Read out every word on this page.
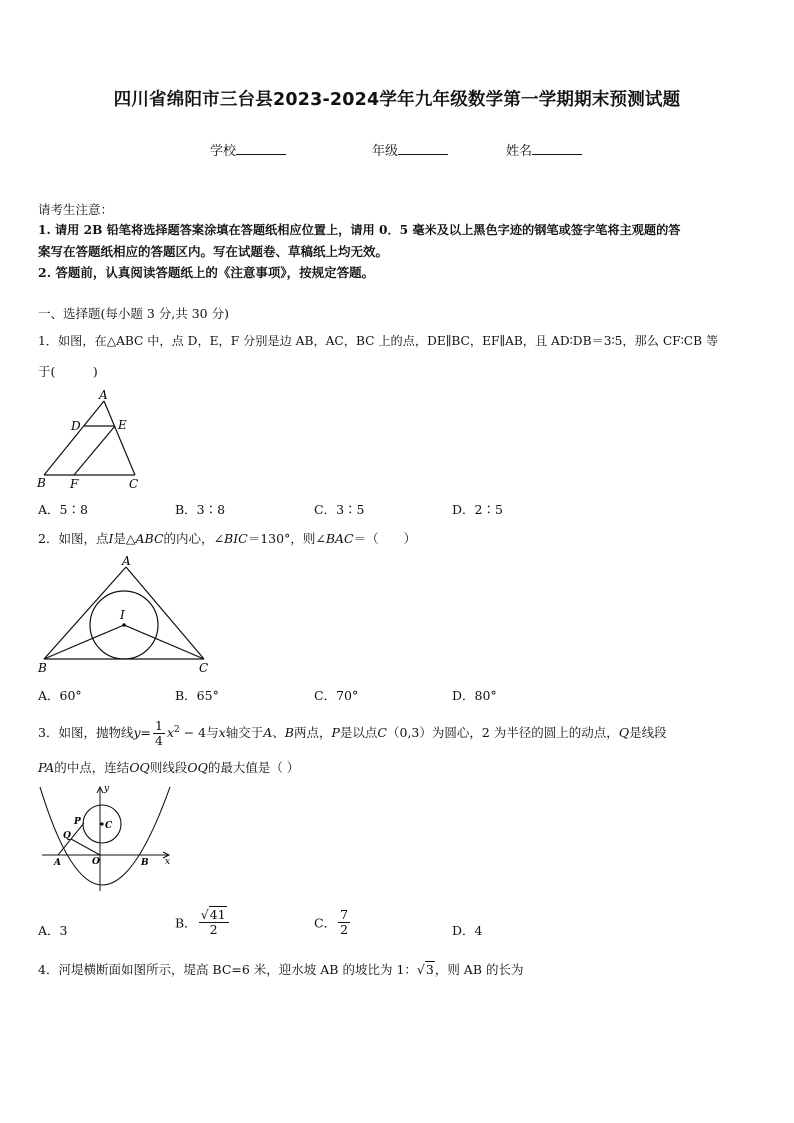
四川省绵阳市三台县2023-2024学年九年级数学第一学期期末预测试题
学校	年级	姓名
请考生注意：
1. 请用 2B 铅笔将选择题答案涂填在答题纸相应位置上，请用 0．5 毫米及以上黑色字迹的钢笔或签字笔将主观题的答
案写在答题纸相应的答题区内。写在试题卷、草稿纸上均无效。
2. 答题前，认真阅读答题纸上的《注意事项》，按规定答题。
一、选择题(每小题 3 分,共 30 分)
1．如图，在△ABC 中，点 D，E，F 分别是边 AB，AC，BC 上的点，DE∥BC，EF∥AB，且 AD∶DB＝3∶5，那么 CF∶CB 等
于(　　　)
A
D	E
B F	C
A．5∶8	B．3∶8	C．3∶5	D．2∶5
2．如图，点I是△ABC的内心，∠BIC＝130°，则∠BAC＝（　　）
A
I
B	C
A．60°	B．65°	C．70°	D．80°
3．如图，抛物线$y= \frac{1}{4} x^2 - 4$与x轴交于A、B两点，P是以点C（0,3）为圆心，2 为半径的圆上的动点，Q是线段
PA的中点，连结OQ则线段OQ的最大值是（ ）
y
x
C
P
Q
A	O	B
A．3	B． $\frac{√41}{2}$	C． $\frac{7}{2}$	D．4
4．河堤横断面如图所示，堤高 BC=6 米，迎水坡 AB 的坡比为 1：√3，则 AB 的长为
